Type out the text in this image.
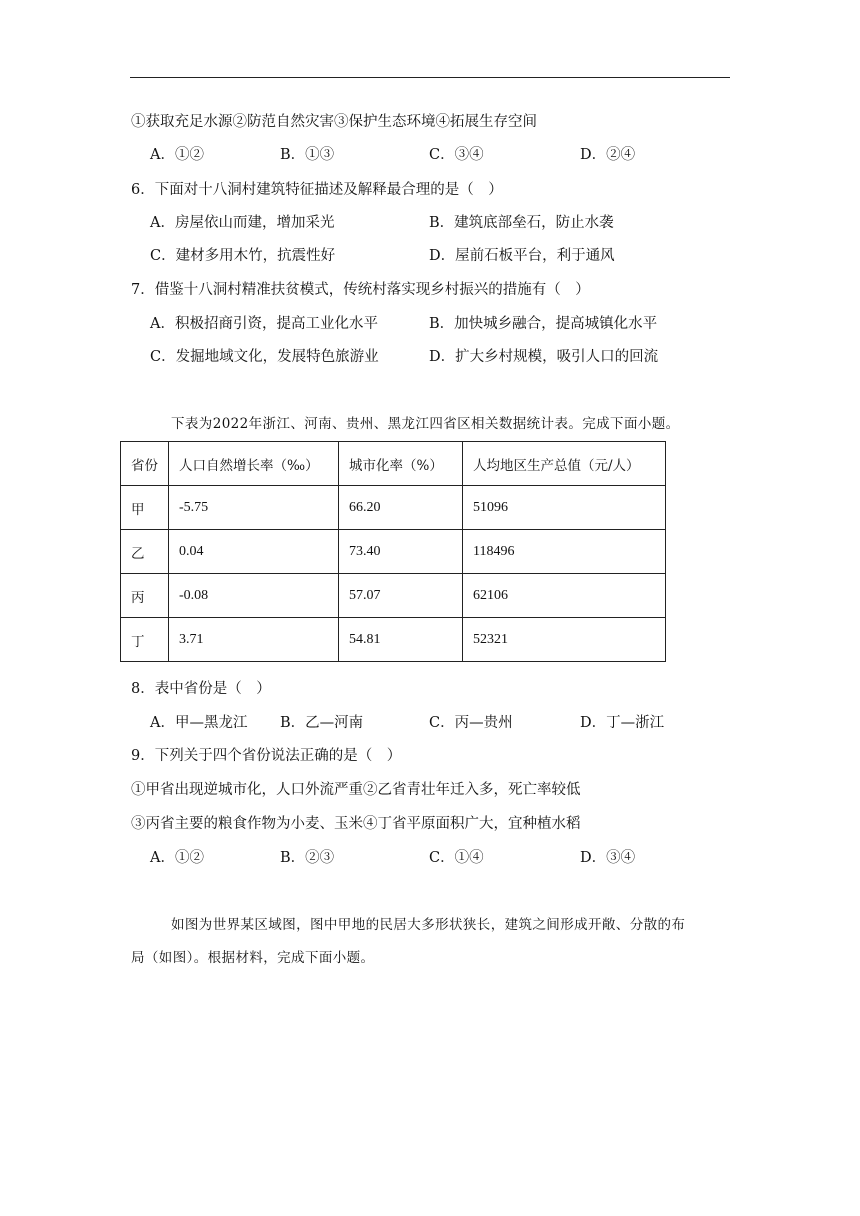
①获取充足水源②防范自然灾害③保护生态环境④拓展生存空间
A．①②	B．①③	C．③④	D．②④
6．下面对十八洞村建筑特征描述及解释最合理的是（　）
A．房屋依山而建，增加采光	B．建筑底部垒石，防止水袭
C．建材多用木竹，抗震性好	D．屋前石板平台，利于通风
7．借鉴十八洞村精准扶贫模式，传统村落实现乡村振兴的措施有（　）
A．积极招商引资，提高工业化水平	B．加快城乡融合，提高城镇化水平
C．发掘地域文化，发展特色旅游业	D．扩大乡村规模，吸引人口的回流
下表为2022年浙江、河南、贵州、黑龙江四省区相关数据统计表。完成下面小题。
省份	人口自然增长率（‰）	城市化率（%）	人均地区生产总值（元/人）
甲	-5.75	66.20	51096
乙	0.04	73.40	118496
丙	-0.08	57.07	62106
丁	3.71	54.81	52321
8．表中省份是（　）
A．甲—黑龙江 B．乙—河南	C．丙—贵州	D．丁—浙江
9．下列关于四个省份说法正确的是（　）
①甲省出现逆城市化，人口外流严重②乙省青壮年迁入多，死亡率较低
③丙省主要的粮食作物为小麦、玉米④丁省平原面积广大，宜种植水稻
A．①②	B．②③	C．①④	D．③④
如图为世界某区域图，图中甲地的民居大多形状狭长，建筑之间形成开敞、分散的布
局（如图）。根据材料，完成下面小题。
